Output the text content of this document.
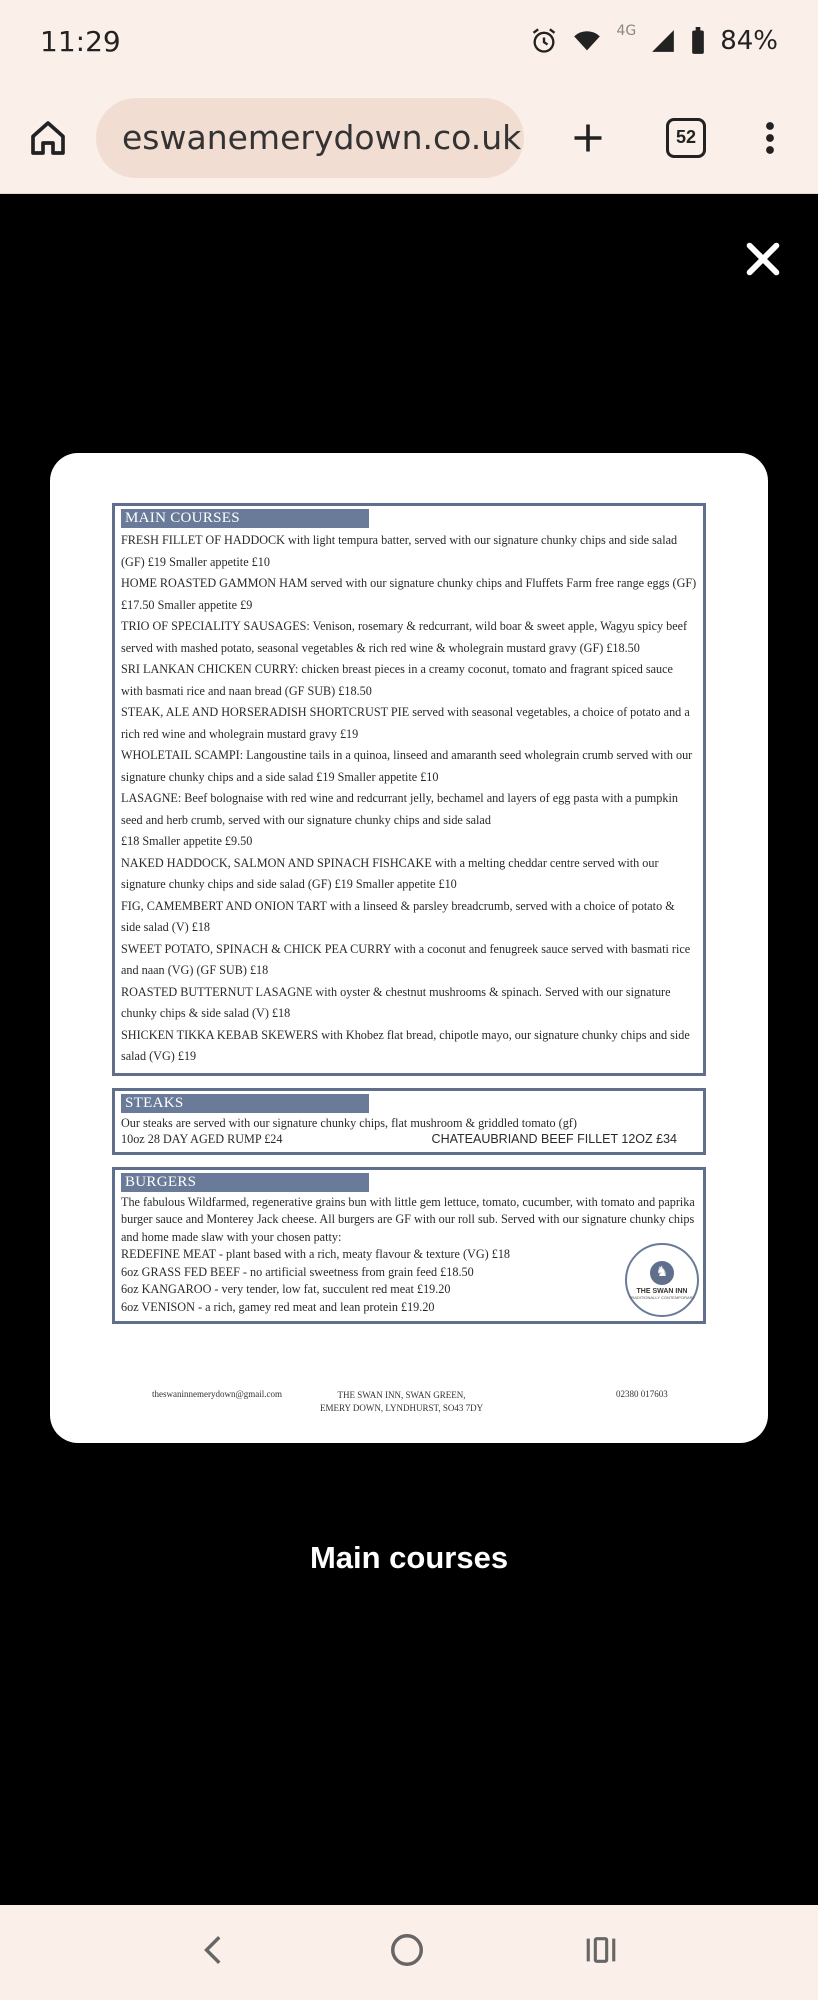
11:29	4G	84%
eswanemerydown.co.uk	52
MAIN COURSES
FRESH FILLET OF HADDOCK with light tempura batter, served with our signature chunky chips and side salad (GF) £19 Smaller appetite £10
HOME ROASTED GAMMON HAM served with our signature chunky chips and Fluffets Farm free range eggs (GF) £17.50 Smaller appetite £9
TRIO OF SPECIALITY SAUSAGES: Venison, rosemary & redcurrant, wild boar & sweet apple, Wagyu spicy beef served with mashed potato, seasonal vegetables & rich red wine & wholegrain mustard gravy (GF) £18.50
SRI LANKAN CHICKEN CURRY: chicken breast pieces in a creamy coconut, tomato and fragrant spiced sauce with basmati rice and naan bread (GF SUB) £18.50
STEAK, ALE AND HORSERADISH SHORTCRUST PIE served with seasonal vegetables, a choice of potato and a rich red wine and wholegrain mustard gravy £19
WHOLETAIL SCAMPI: Langoustine tails in a quinoa, linseed and amaranth seed wholegrain crumb served with our signature chunky chips and a side salad £19 Smaller appetite £10
LASAGNE: Beef bolognaise with red wine and redcurrant jelly, bechamel and layers of egg pasta with a pumpkin seed and herb crumb, served with our signature chunky chips and side salad
£18 Smaller appetite £9.50
NAKED HADDOCK, SALMON AND SPINACH FISHCAKE with a melting cheddar centre served with our signature chunky chips and side salad (GF) £19 Smaller appetite £10
FIG, CAMEMBERT AND ONION TART with a linseed & parsley breadcrumb, served with a choice of potato & side salad (V) £18
SWEET POTATO, SPINACH & CHICK PEA CURRY with a coconut and fenugreek sauce served with basmati rice and naan (VG) (GF SUB) £18
ROASTED BUTTERNUT LASAGNE with oyster & chestnut mushrooms & spinach. Served with our signature chunky chips & side salad (V) £18
SHICKEN TIKKA KEBAB SKEWERS with Khobez flat bread, chipotle mayo, our signature chunky chips and side salad (VG) £19
STEAKS
Our steaks are served with our signature chunky chips, flat mushroom & griddled tomato (gf)
10oz 28 DAY AGED RUMP £24	CHATEAUBRIAND BEEF FILLET 12OZ £34
BURGERS
The fabulous Wildfarmed, regenerative grains bun with little gem lettuce, tomato, cucumber, with tomato and paprika burger sauce and Monterey Jack cheese. All burgers are GF with our roll sub. Served with our signature chunky chips and home made slaw with your chosen patty:
REDEFINE MEAT - plant based with a rich, meaty flavour & texture (VG) £18
6oz GRASS FED BEEF - no artificial sweetness from grain feed £18.50
6oz KANGAROO - very tender, low fat, succulent red meat £19.20
6oz VENISON - a rich, gamey red meat and lean protein £19.20
♞
THE SWAN INN
TRADITIONALLY CONTEMPORARY
theswaninnemerydown@gmail.com	THE SWAN INN, SWAN GREEN,
EMERY DOWN, LYNDHURST, SO43 7DY
02380 017603
Main courses
